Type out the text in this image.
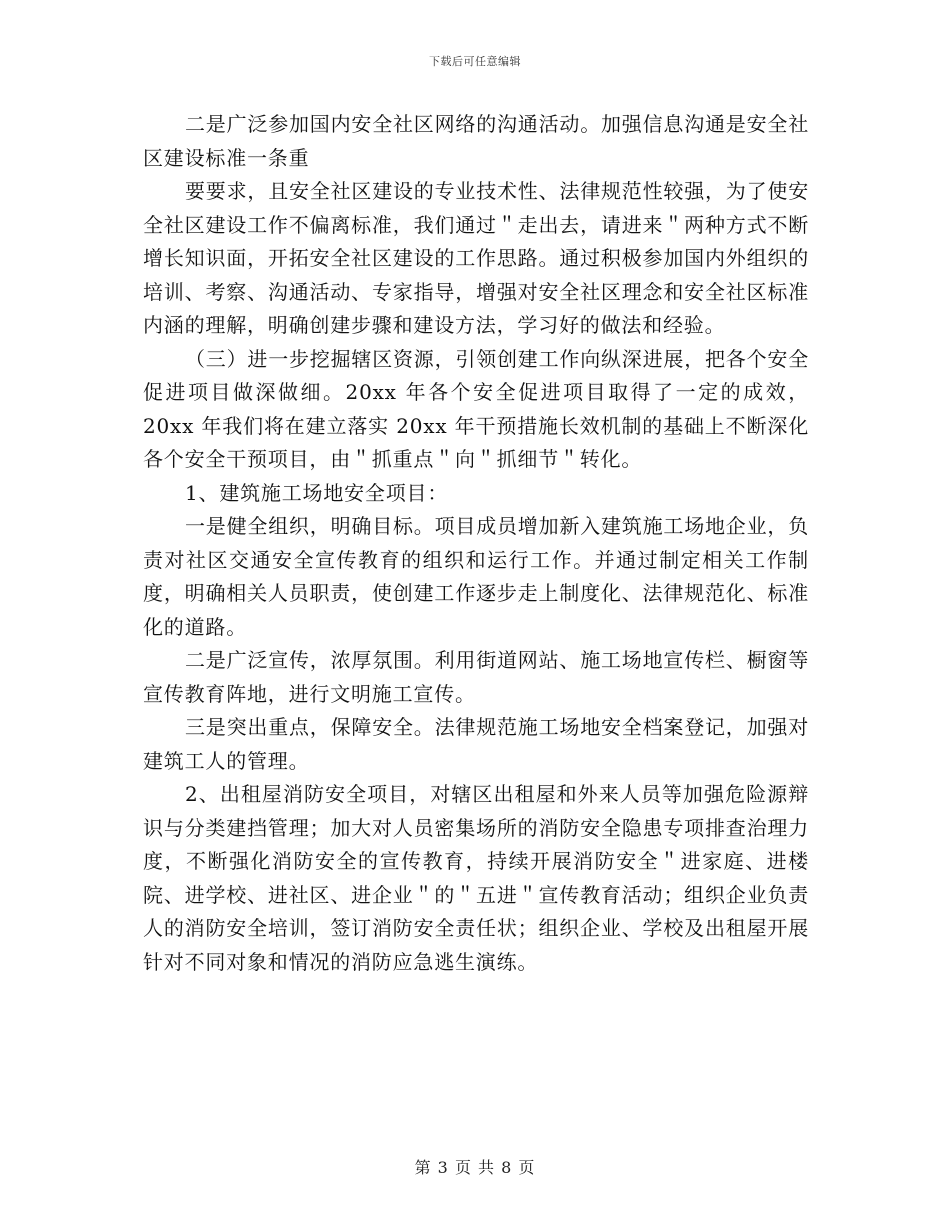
下载后可任意编辑

二是广泛参加国内安全社区网络的沟通活动。加强信息沟通是安全社区建设标准一条重

要要求，且安全社区建设的专业技术性、法律规范性较强，为了使安全社区建设工作不偏离标准，我们通过＂走出去，请进来＂两种方式不断增长知识面，开拓安全社区建设的工作思路。通过积极参加国内外组织的培训、考察、沟通活动、专家指导，增强对安全社区理念和安全社区标准内涵的理解，明确创建步骤和建设方法，学习好的做法和经验。

（三）进一步挖掘辖区资源，引领创建工作向纵深进展，把各个安全促进项目做深做细。20xx 年各个安全促进项目取得了一定的成效，20xx 年我们将在建立落实 20xx 年干预措施长效机制的基础上不断深化各个安全干预项目，由＂抓重点＂向＂抓细节＂转化。

1、建筑施工场地安全项目：

一是健全组织，明确目标。项目成员增加新入建筑施工场地企业，负责对社区交通安全宣传教育的组织和运行工作。并通过制定相关工作制度，明确相关人员职责，使创建工作逐步走上制度化、法律规范化、标准化的道路。

二是广泛宣传，浓厚氛围。利用街道网站、施工场地宣传栏、橱窗等宣传教育阵地，进行文明施工宣传。

三是突出重点，保障安全。法律规范施工场地安全档案登记，加强对建筑工人的管理。

2、出租屋消防安全项目，对辖区出租屋和外来人员等加强危险源辩识与分类建挡管理；加大对人员密集场所的消防安全隐患专项排查治理力度，不断强化消防安全的宣传教育，持续开展消防安全＂进家庭、进楼院、进学校、进社区、进企业＂的＂五进＂宣传教育活动；组织企业负责人的消防安全培训，签订消防安全责任状；组织企业、学校及出租屋开展针对不同对象和情况的消防应急逃生演练。

第 3 页 共 8 页
